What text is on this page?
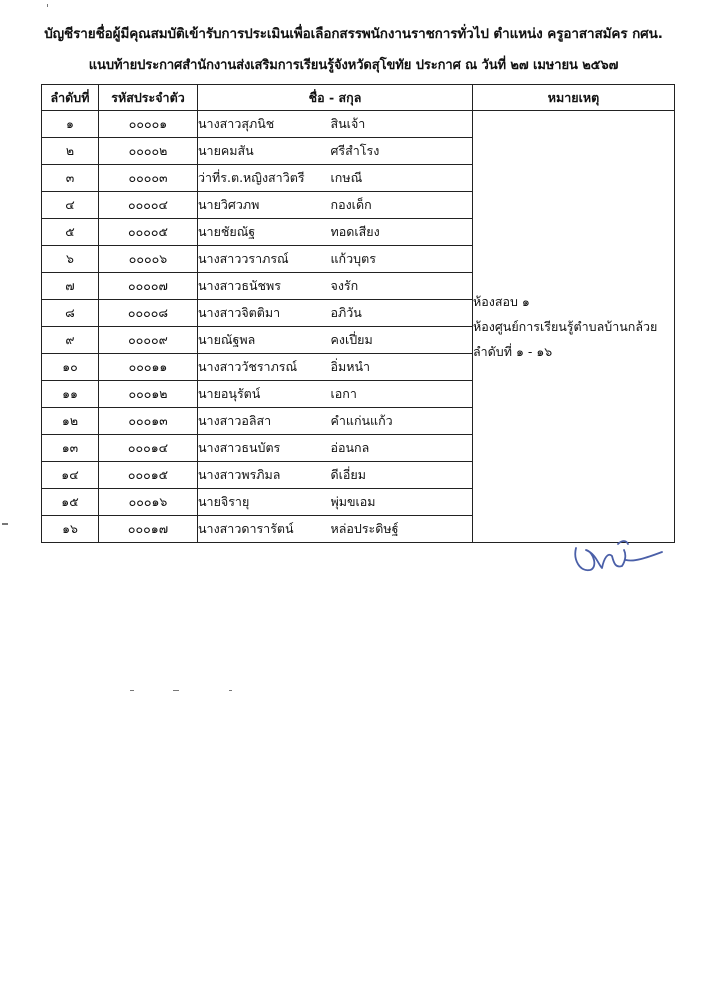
บัญชีรายชื่อผู้มีคุณสมบัติเข้ารับการประเมินเพื่อเลือกสรรพนักงานราชการทั่วไป ตำแหน่ง ครูอาสาสมัคร กศน.
แนบท้ายประกาศสำนักงานส่งเสริมการเรียนรู้จังหวัดสุโขทัย ประกาศ ณ วันที่ ๒๗ เมษายน ๒๕๖๗
ลำดับที่	รหัสประจำตัว	ชื่อ - สกุล		หมายเหตุ
๑	๐๐๐๐๑	นางสาวสุภนิช	สินเจ้า	ห้องสอบ ๑
ห้องศูนย์การเรียนรู้ตำบลบ้านกล้วย
ลำดับที่ ๑ - ๑๖

๒	๐๐๐๐๒	นายคมสัน	ศรีสำโรง	
๓	๐๐๐๐๓	ว่าที่ร.ต.หญิงสาวิตรี	เกษณี	
๔	๐๐๐๐๔	นายวิศวภพ	กองเด็ก	
๕	๐๐๐๐๕	นายชัยณัฐ	ทอดเสียง	
๖	๐๐๐๐๖	นางสาววราภรณ์	แก้วบุตร	
๗	๐๐๐๐๗	นางสาวธนัชพร	จงรัก	
๘	๐๐๐๐๘	นางสาวจิตติมา	อภิวัน	
๙	๐๐๐๐๙	นายณัฐพล	คงเปี่ยม	
๑๐	๐๐๐๑๑	นางสาววัชราภรณ์	อิ่มหนำ	
๑๑	๐๐๐๑๒	นายอนุรัตน์	เอกา	
๑๒	๐๐๐๑๓	นางสาวอลิสา	คำแก่นแก้ว	
๑๓	๐๐๐๑๔	นางสาวธนบัตร	อ่อนกล	
๑๔	๐๐๐๑๕	นางสาวพรภิมล	ดีเอี่ยม	
๑๕	๐๐๐๑๖	นายจิรายุ	พุ่มขเอม	
๑๖	๐๐๐๑๗	นางสาวดารารัตน์	หล่อประดิษฐ์	
